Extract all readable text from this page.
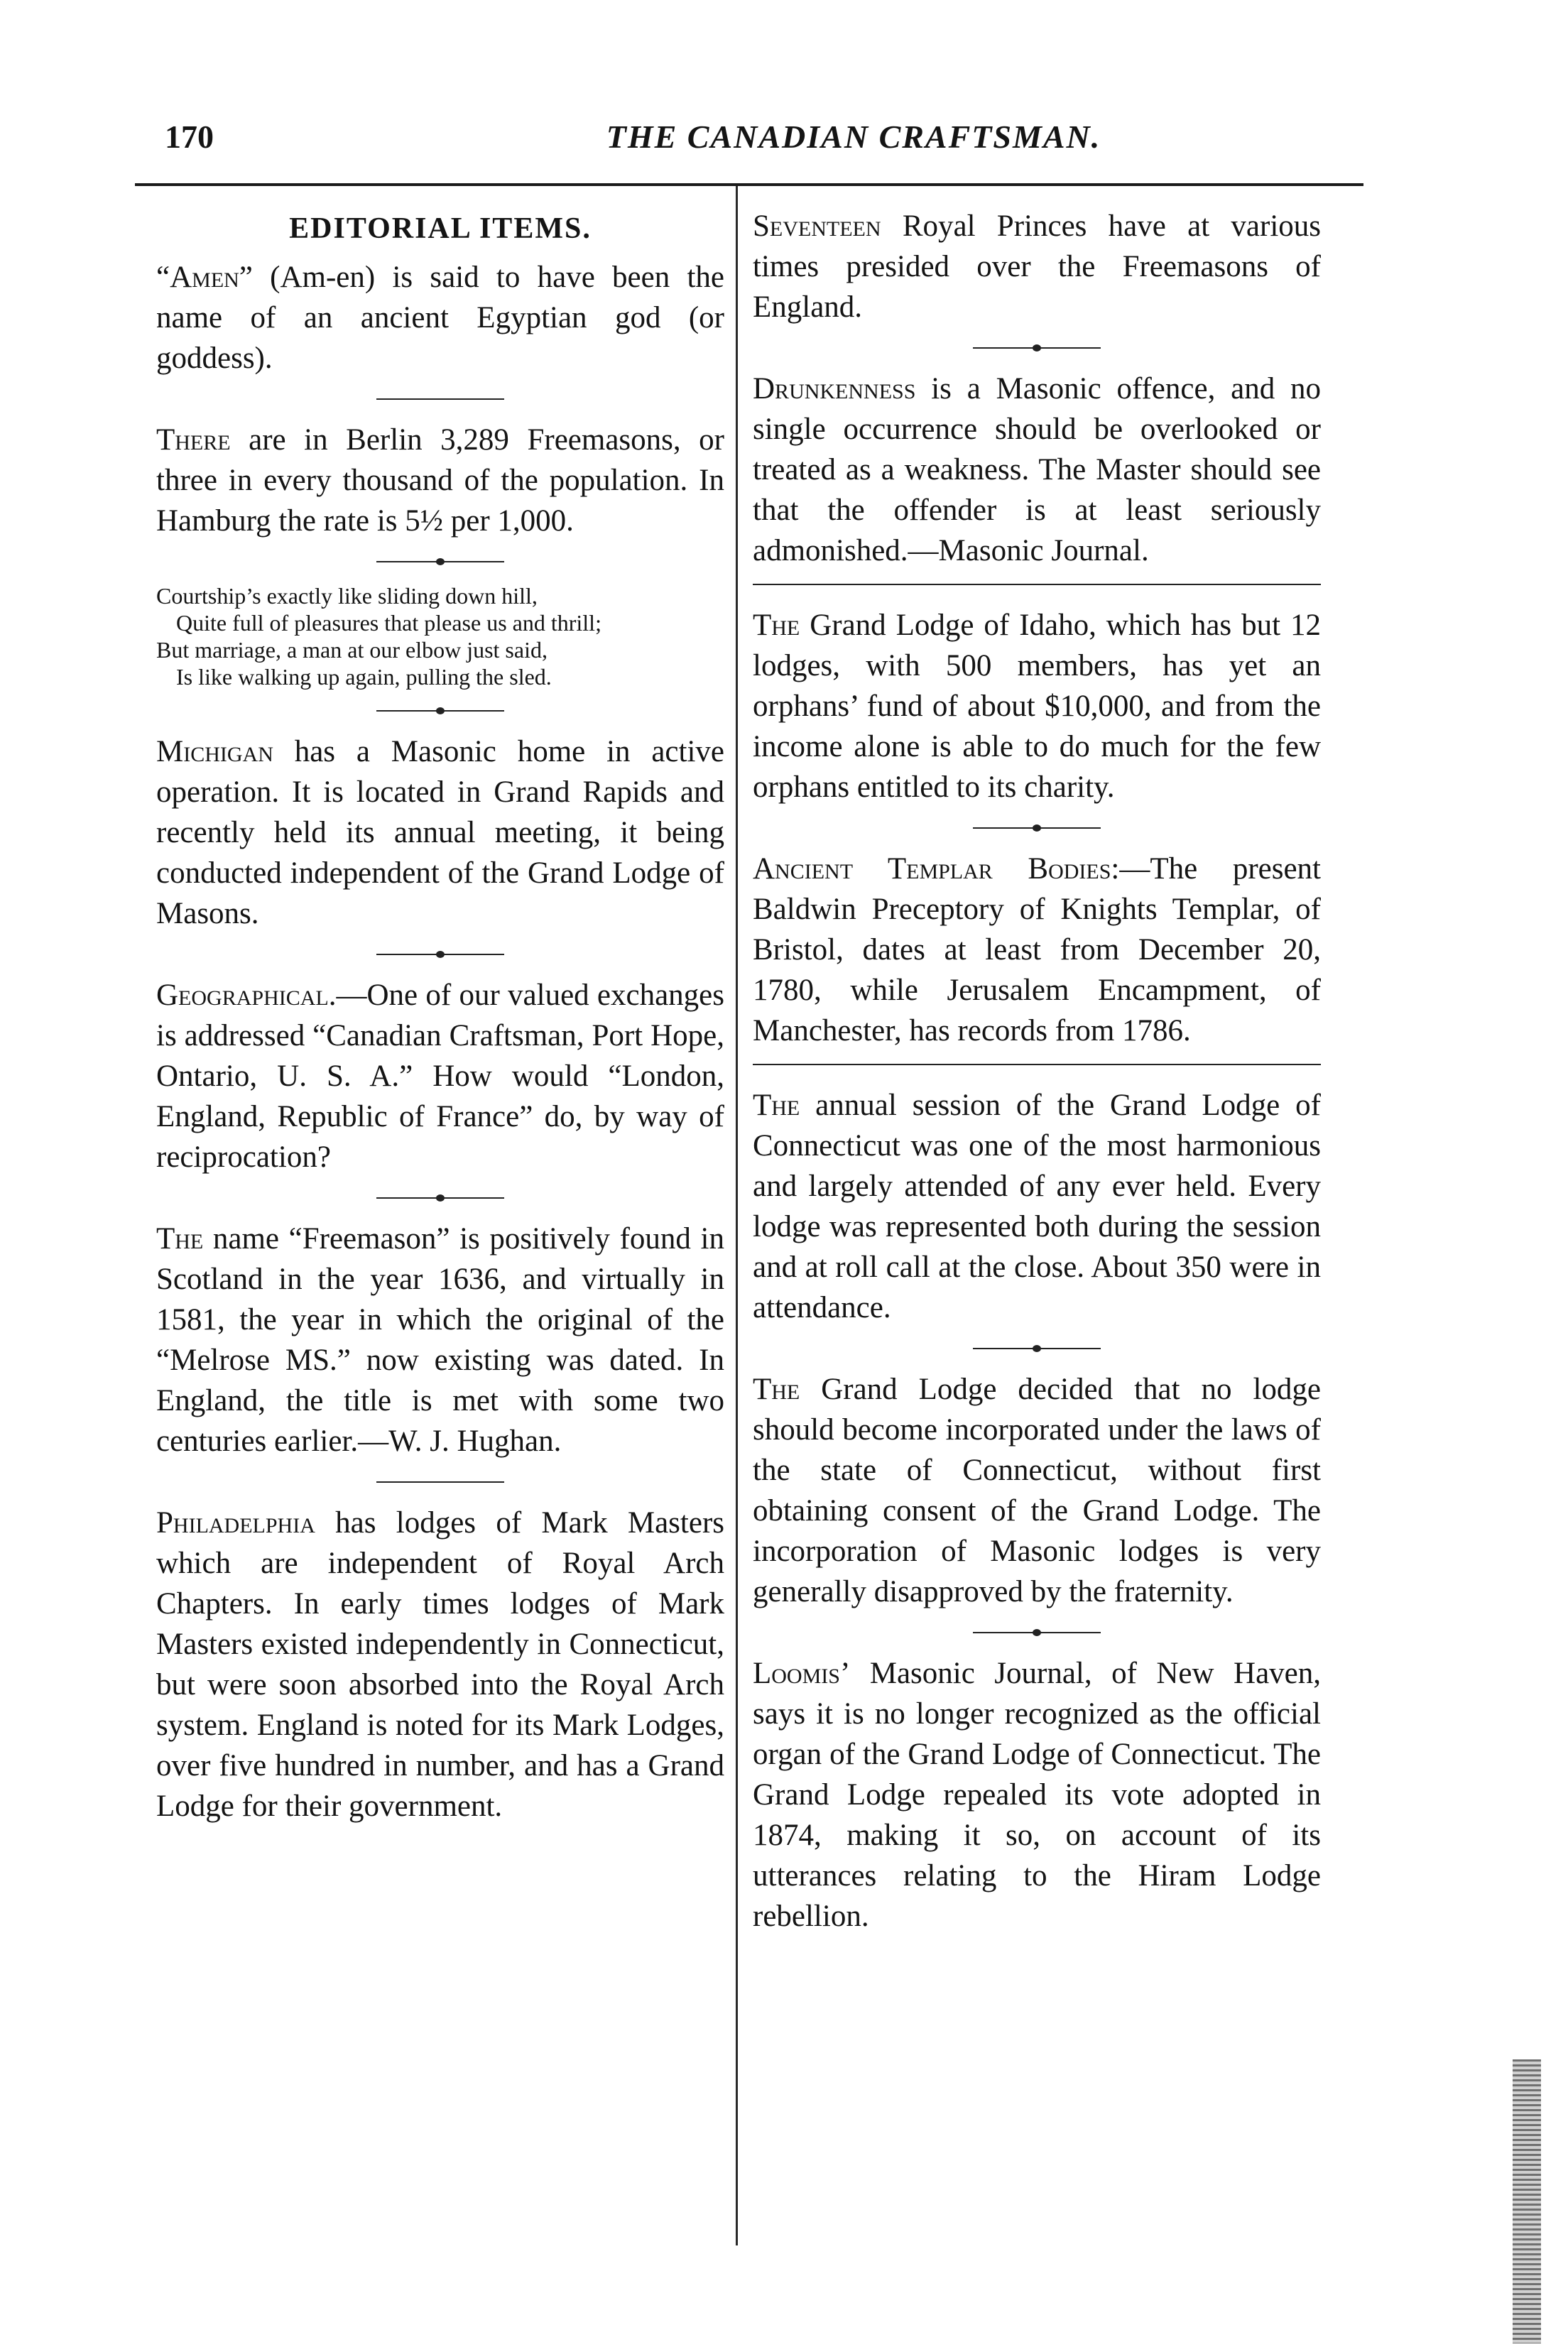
170	THE CANADIAN CRAFTSMAN.
EDITORIAL ITEMS.

“Amen” (Am-en) is said to have been the name of an ancient Egyptian god (or goddess).

There are in Berlin 3,289 Freemasons, or three in every thousand of the population. In Hamburg the rate is 5½ per 1,000.

Courtship’s exactly like sliding down hill,
Quite full of pleasures that please us and thrill;
But marriage, a man at our elbow just said,
Is like walking up again, pulling the sled.

Michigan has a Masonic home in active operation. It is located in Grand Rapids and recently held its annual meeting, it being conducted independent of the Grand Lodge of Masons.

Geographical.—One of our valued exchanges is addressed “Canadian Craftsman, Port Hope, Ontario, U. S. A.” How would “London, England, Republic of France” do, by way of reciprocation?

The name “Freemason” is positively found in Scotland in the year 1636, and virtually in 1581, the year in which the original of the “Melrose MS.” now existing was dated. In England, the title is met with some two centuries earlier.—W. J. Hughan.

Philadelphia has lodges of Mark Masters which are independent of Royal Arch Chapters. In early times lodges of Mark Masters existed independently in Connecticut, but were soon absorbed into the Royal Arch system. England is noted for its Mark Lodges, over five hundred in number, and has a Grand Lodge for their government.

Seventeen Royal Princes have at various times presided over the Freemasons of England.

Drunkenness is a Masonic offence, and no single occurrence should be overlooked or treated as a weakness. The Master should see that the offender is at least seriously admonished.—Masonic Journal.

The Grand Lodge of Idaho, which has but 12 lodges, with 500 members, has yet an orphans’ fund of about $10,000, and from the income alone is able to do much for the few orphans entitled to its charity.

Ancient Templar Bodies:—The present Baldwin Preceptory of Knights Templar, of Bristol, dates at least from December 20, 1780, while Jerusalem Encampment, of Manchester, has records from 1786.

The annual session of the Grand Lodge of Connecticut was one of the most harmonious and largely attended of any ever held. Every lodge was represented both during the session and at roll call at the close. About 350 were in attendance.

The Grand Lodge decided that no lodge should become incorporated under the laws of the state of Connecticut, without first obtaining consent of the Grand Lodge. The incorporation of Masonic lodges is very generally disapproved by the fraternity.

Loomis’ Masonic Journal, of New Haven, says it is no longer recognized as the official organ of the Grand Lodge of Connecticut. The Grand Lodge repealed its vote adopted in 1874, making it so, on account of its utterances relating to the Hiram Lodge rebellion.
